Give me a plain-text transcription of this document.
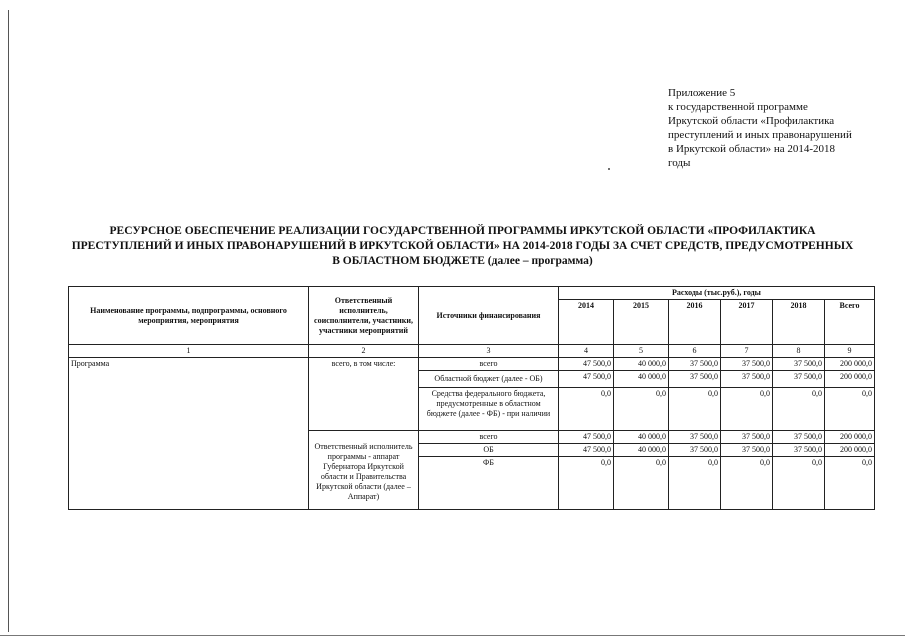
Приложение 5
к государственной программе
Иркутской области «Профилактика
преступлений и иных правонарушений
в Иркутской области» на 2014-2018
годы
РЕСУРСНОЕ ОБЕСПЕЧЕНИЕ РЕАЛИЗАЦИИ ГОСУДАРСТВЕННОЙ ПРОГРАММЫ ИРКУТСКОЙ ОБЛАСТИ «ПРОФИЛАКТИКА
ПРЕСТУПЛЕНИЙ И ИНЫХ ПРАВОНАРУШЕНИЙ В ИРКУТСКОЙ ОБЛАСТИ» НА 2014-2018 ГОДЫ ЗА СЧЕТ СРЕДСТВ, ПРЕДУСМОТРЕННЫХ
В ОБЛАСТНОМ БЮДЖЕТЕ (далее – программа)
Наименование программы, подпрограммы, основного мероприятия, мероприятия	Ответственный исполнитель, соисполнители, участники, участники мероприятий	Источники финансирования	Расходы (тыс.руб.), годы					
			2014	2015	2016	2017	2018	Всего
1	2	3	4	5	6	7	8	9
Программа	всего, в том числе:	всего	47 500,0	40 000,0	37 500,0	37 500,0	37 500,0	200 000,0
		Областной бюджет (далее - ОБ)	47 500,0	40 000,0	37 500,0	37 500,0	37 500,0	200 000,0
		Средства федерального бюджета, предусмотренные в областном бюджете (далее - ФБ) - при наличии	0,0	0,0	0,0	0,0	0,0	0,0
	Ответственный исполнитель программы - аппарат Губернатора Иркутской области и Правительства Иркутской области (далее – Аппарат)	всего	47 500,0	40 000,0	37 500,0	37 500,0	37 500,0	200 000,0
		ОБ	47 500,0	40 000,0	37 500,0	37 500,0	37 500,0	200 000,0
		ФБ	0,0	0,0	0,0	0,0	0,0	0,0
